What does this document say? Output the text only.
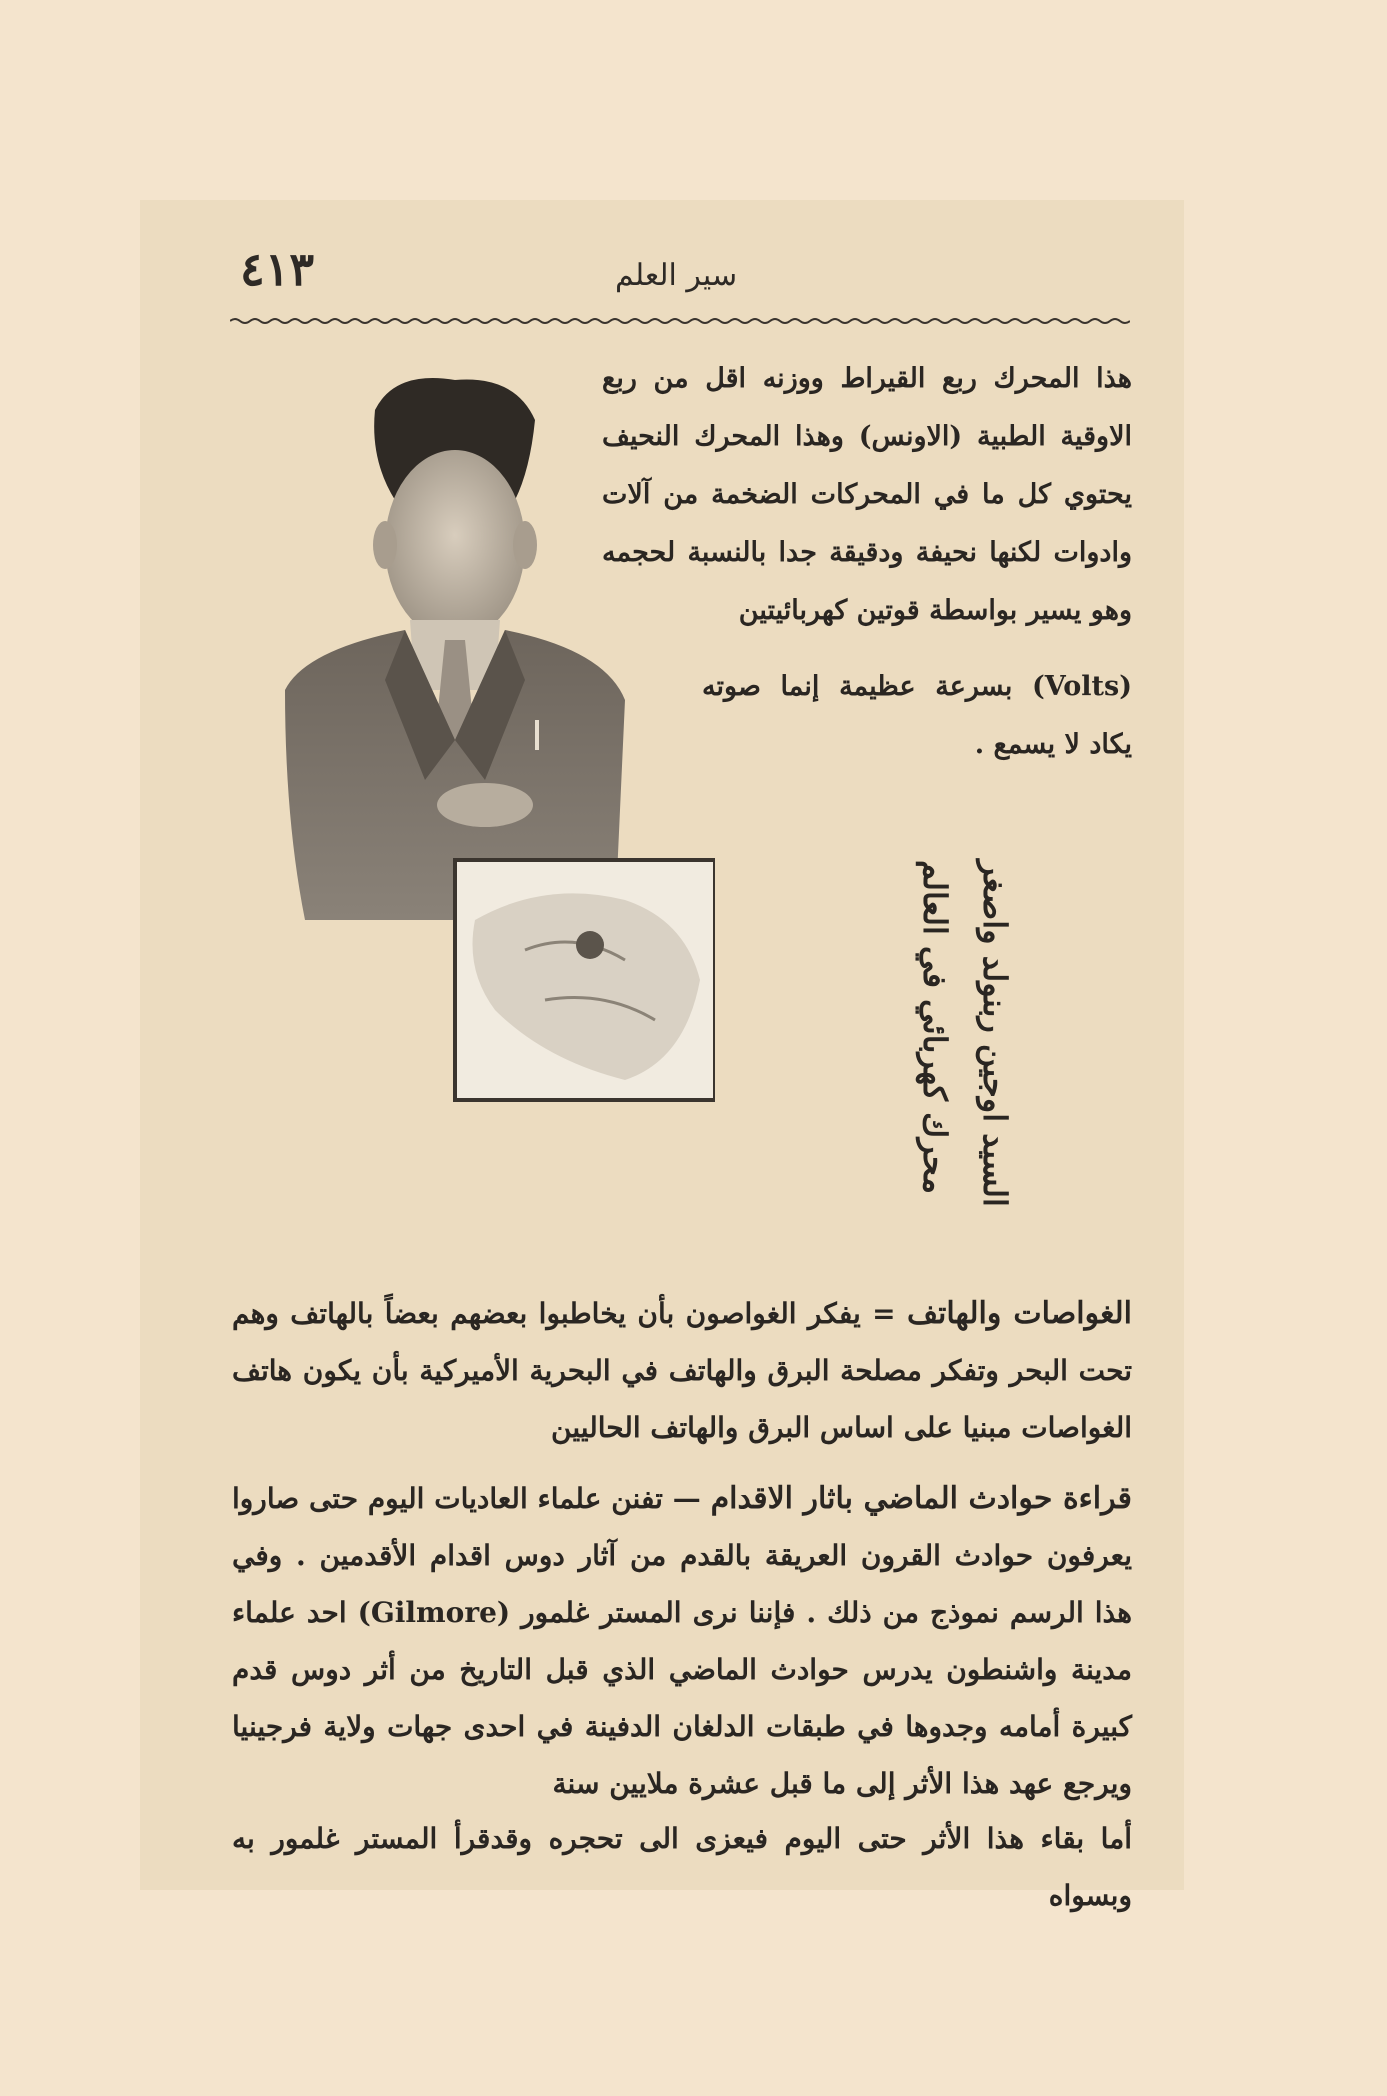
٤١٣	سير العلم

هذا المحرك ربع القيراط ووزنه اقل من ربع الاوقية الطبية (الاونس) وهذا المحرك النحيف يحتوي كل ما في المحركات الضخمة من آلات وادوات لكنها نحيفة ودقيقة جدا بالنسبة لحجمه وهو يسير بواسطة قوتين كهربائيتين

(Volts) بسرعة عظيمة إنما صوته يكاد لا يسمع .

السيد اوجين ربنولد واصغر
محرك كهربائي في العالم

الغواصات والهاتف = يفكر الغواصون بأن يخاطبوا بعضهم بعضاً بالهاتف وهم تحت البحر وتفكر مصلحة البرق والهاتف في البحرية الأميركية بأن يكون هاتف الغواصات مبنيا على اساس البرق والهاتف الحاليين

قراءة حوادث الماضي باثار الاقدام — تفنن علماء العاديات اليوم حتى صاروا يعرفون حوادث القرون العريقة بالقدم من آثار دوس اقدام الأقدمين . وفي هذا الرسم نموذج من ذلك . فإننا نرى المستر غلمور (Gilmore) احد علماء مدينة واشنطون يدرس حوادث الماضي الذي قبل التاريخ من أثر دوس قدم كبيرة أمامه وجدوها في طبقات الدلغان الدفينة في احدى جهات ولاية فرجينيا ويرجع عهد هذا الأثر إلى ما قبل عشرة ملايين سنة

أما بقاء هذا الأثر حتى اليوم فيعزى الى تحجره وقدقرأ المستر غلمور به وبسواه
